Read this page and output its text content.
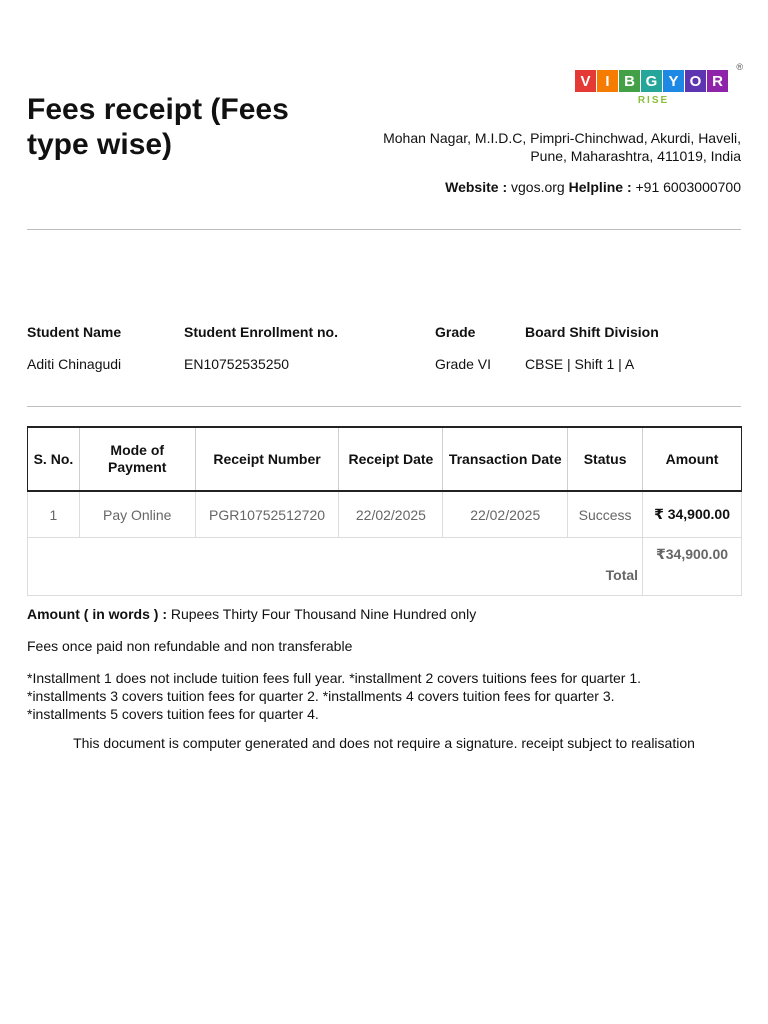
Fees receipt (Fees type wise)
V I B G Y O R
®
RISE
Mohan Nagar, M.I.D.C, Pimpri-Chinchwad, Akurdi, Haveli,
Pune, Maharashtra, 411019, India
Website : vgos.org Helpline : +91 6003000700
Student Name
Aditi Chinagudi
Student Enrollment no.
EN10752535250
Grade
Grade VI
Board Shift Division
CBSE | Shift 1 | A
S. No.	Mode of Payment	Receipt Number	Receipt Date	Transaction Date	Status	Amount
1	Pay Online	PGR10752512720	22/02/2025	22/02/2025	Success	₹ 34,900.00
Total						₹34,900.00
Amount ( in words ) : Rupees Thirty Four Thousand Nine Hundred only
Fees once paid non refundable and non transferable
*Installment 1 does not include tuition fees full year. *installment 2 covers tuitions fees for quarter 1.
*installments 3 covers tuition fees for quarter 2. *installments 4 covers tuition fees for quarter 3.
*installments 5 covers tuition fees for quarter 4.
This document is computer generated and does not require a signature. receipt subject to realisation
